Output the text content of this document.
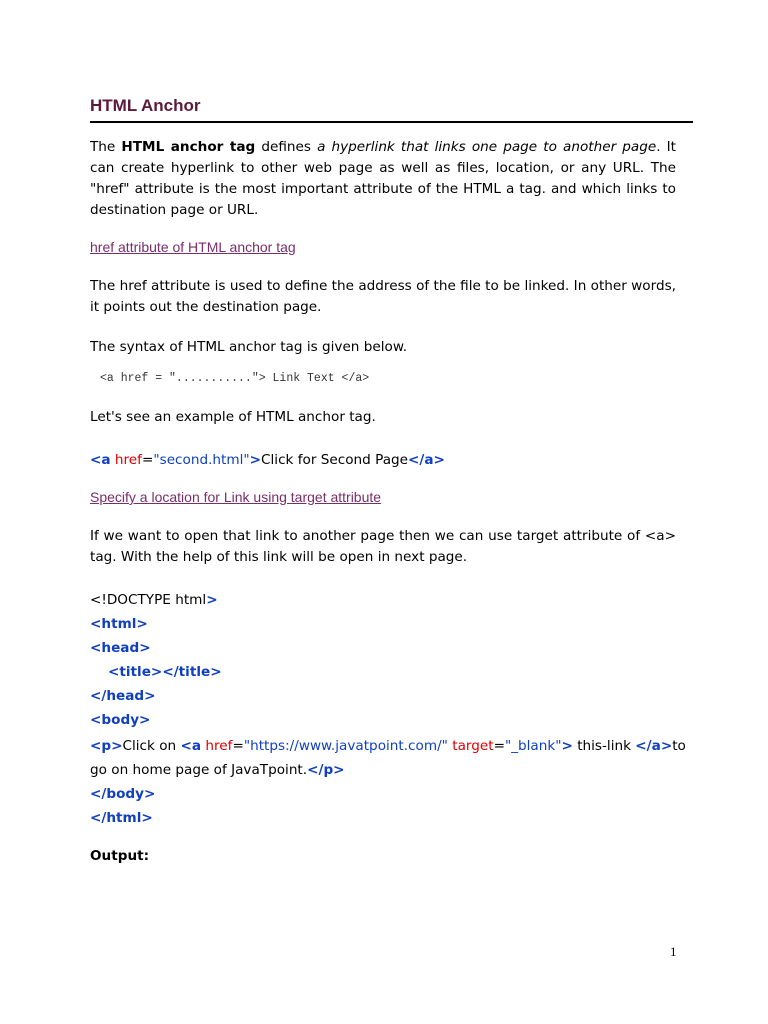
HTML Anchor
The HTML anchor tag defines a hyperlink that links one page to another page. It can create hyperlink to other web page as well as files, location, or any URL. The "href" attribute is the most important attribute of the HTML a tag. and which links to destination page or URL.
href attribute of HTML anchor tag
The href attribute is used to define the address of the file to be linked. In other words, it points out the destination page.
The syntax of HTML anchor tag is given below.
<a href = "..........."> Link Text </a>
Let's see an example of HTML anchor tag.
<a href="second.html">Click for Second Page</a>
Specify a location for Link using target attribute
If we want to open that link to another page then we can use target attribute of <a> tag. With the help of this link will be open in next page.
<!DOCTYPE html>
<html>
<head>
<title></title>
</head>
<body>
<p>Click on <a href="https://www.javatpoint.com/" target="_blank"> this-link </a>to
go on home page of JavaTpoint.</p>
</body>
</html>
Output:
1
